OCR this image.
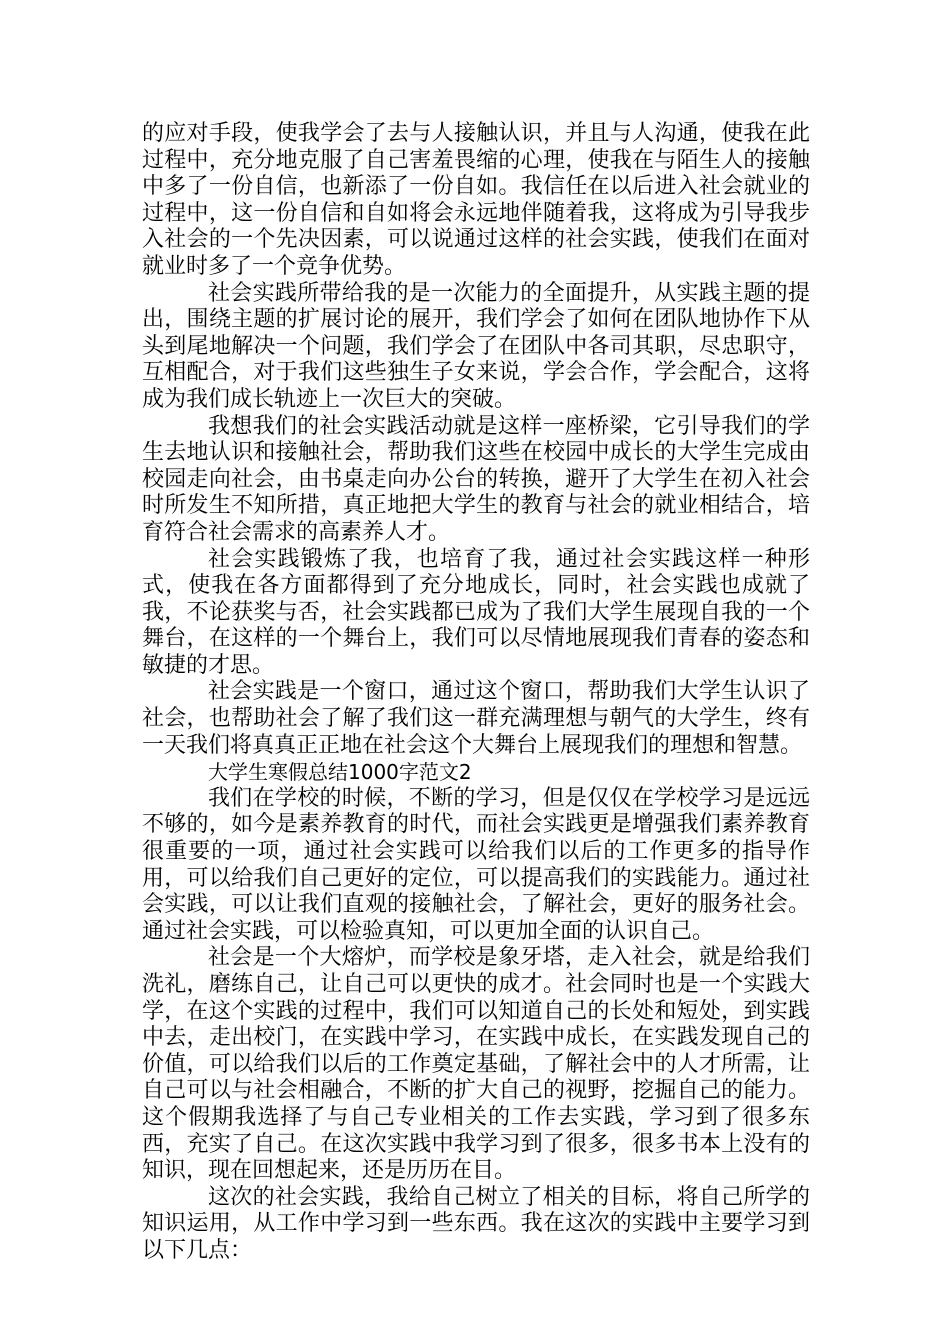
的应对手段，使我学会了去与人接触认识，并且与人沟通，使我在此过程中，充分地克服了自己害羞畏缩的心理，使我在与陌生人的接触中多了一份自信，也新添了一份自如。我信任在以后进入社会就业的过程中，这一份自信和自如将会永远地伴随着我，这将成为引导我步入社会的一个先决因素，可以说通过这样的社会实践，使我们在面对就业时多了一个竞争优势。

社会实践所带给我的是一次能力的全面提升，从实践主题的提出，围绕主题的扩展讨论的展开，我们学会了如何在团队地协作下从头到尾地解决一个问题，我们学会了在团队中各司其职，尽忠职守，互相配合，对于我们这些独生子女来说，学会合作，学会配合，这将成为我们成长轨迹上一次巨大的突破。

我想我们的社会实践活动就是这样一座桥梁，它引导我们的学生去地认识和接触社会，帮助我们这些在校园中成长的大学生完成由校园走向社会，由书桌走向办公台的转换，避开了大学生在初入社会时所发生不知所措，真正地把大学生的教育与社会的就业相结合，培育符合社会需求的高素养人才。

社会实践锻炼了我，也培育了我，通过社会实践这样一种形式，使我在各方面都得到了充分地成长，同时，社会实践也成就了我，不论获奖与否，社会实践都已成为了我们大学生展现自我的一个舞台，在这样的一个舞台上，我们可以尽情地展现我们青春的姿态和敏捷的才思。

社会实践是一个窗口，通过这个窗口，帮助我们大学生认识了社会，也帮助社会了解了我们这一群充满理想与朝气的大学生，终有一天我们将真真正正地在社会这个大舞台上展现我们的理想和智慧。

大学生寒假总结1000字范文2

我们在学校的时候，不断的学习，但是仅仅在学校学习是远远不够的，如今是素养教育的时代，而社会实践更是增强我们素养教育很重要的一项，通过社会实践可以给我们以后的工作更多的指导作用，可以给我们自己更好的定位，可以提高我们的实践能力。通过社会实践，可以让我们直观的接触社会，了解社会，更好的服务社会。通过社会实践，可以检验真知，可以更加全面的认识自己。

社会是一个大熔炉，而学校是象牙塔，走入社会，就是给我们洗礼，磨练自己，让自己可以更快的成才。社会同时也是一个实践大学，在这个实践的过程中，我们可以知道自己的长处和短处，到实践中去，走出校门，在实践中学习，在实践中成长，在实践发现自己的价值，可以给我们以后的工作奠定基础，了解社会中的人才所需，让自己可以与社会相融合，不断的扩大自己的视野，挖掘自己的能力。这个假期我选择了与自己专业相关的工作去实践，学习到了很多东西，充实了自己。在这次实践中我学习到了很多，很多书本上没有的知识，现在回想起来，还是历历在目。

这次的社会实践，我给自己树立了相关的目标，将自己所学的知识运用，从工作中学习到一些东西。我在这次的实践中主要学习到以下几点：
